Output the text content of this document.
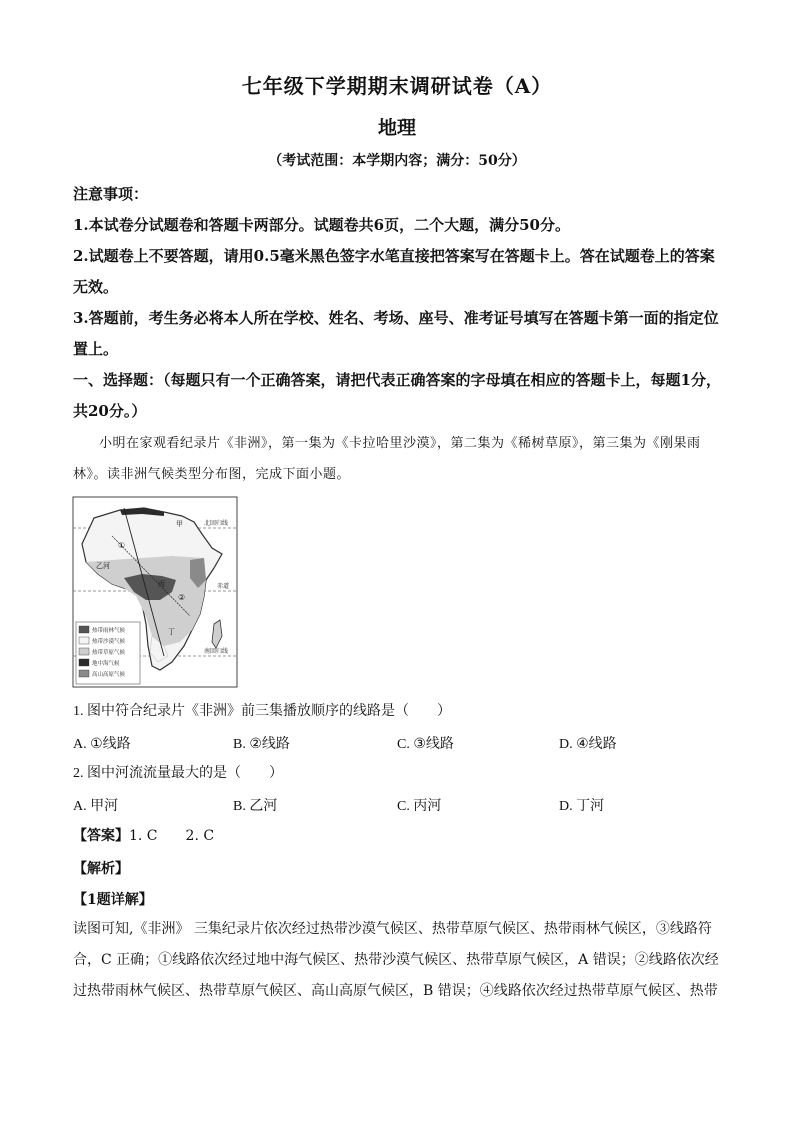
七年级下学期期末调研试卷（A）
地理
（考试范围：本学期内容；满分：50分）
注意事项：
1.本试卷分试题卷和答题卡两部分。试题卷共6页，二个大题，满分50分。
2.试题卷上不要答题，请用0.5毫米黑色签字水笔直接把答案写在答题卡上。答在试题卷上的答案无效。
3.答题前，考生务必将本人所在学校、姓名、考场、座号、准考证号填写在答题卡第一面的指定位置上。
一、选择题：（每题只有一个正确答案，请把代表正确答案的字母填在相应的答题卡上，每题1分，共20分。）
小明在家观看纪录片《非洲》，第一集为《卡拉哈里沙漠》，第二集为《稀树草原》，第三集为《刚果雨林》。读非洲气候类型分布图，完成下面小题。
北回归线
赤道
南回归线
甲
乙河
丙
丁
①
②
热带雨林气候
热带沙漠气候
热带草原气候
地中海气候
高山高原气候
1. 图中符合纪录片《非洲》前三集播放顺序的线路是（　　）
A. ①线路	B. ②线路	C. ③线路	D. ④线路
2. 图中河流流量最大的是（　　）
A. 甲河	B. 乙河	C. 丙河	D. 丁河
【答案】1. C 2. C
【解析】
【1题详解】
读图可知,《非洲》 三集纪录片依次经过热带沙漠气候区、热带草原气候区、热带雨林气候区，③线路符合，C 正确；①线路依次经过地中海气候区、热带沙漠气候区、热带草原气候区，A 错误；②线路依次经过热带雨林气候区、热带草原气候区、高山高原气候区，B 错误；④线路依次经过热带草原气候区、热带
